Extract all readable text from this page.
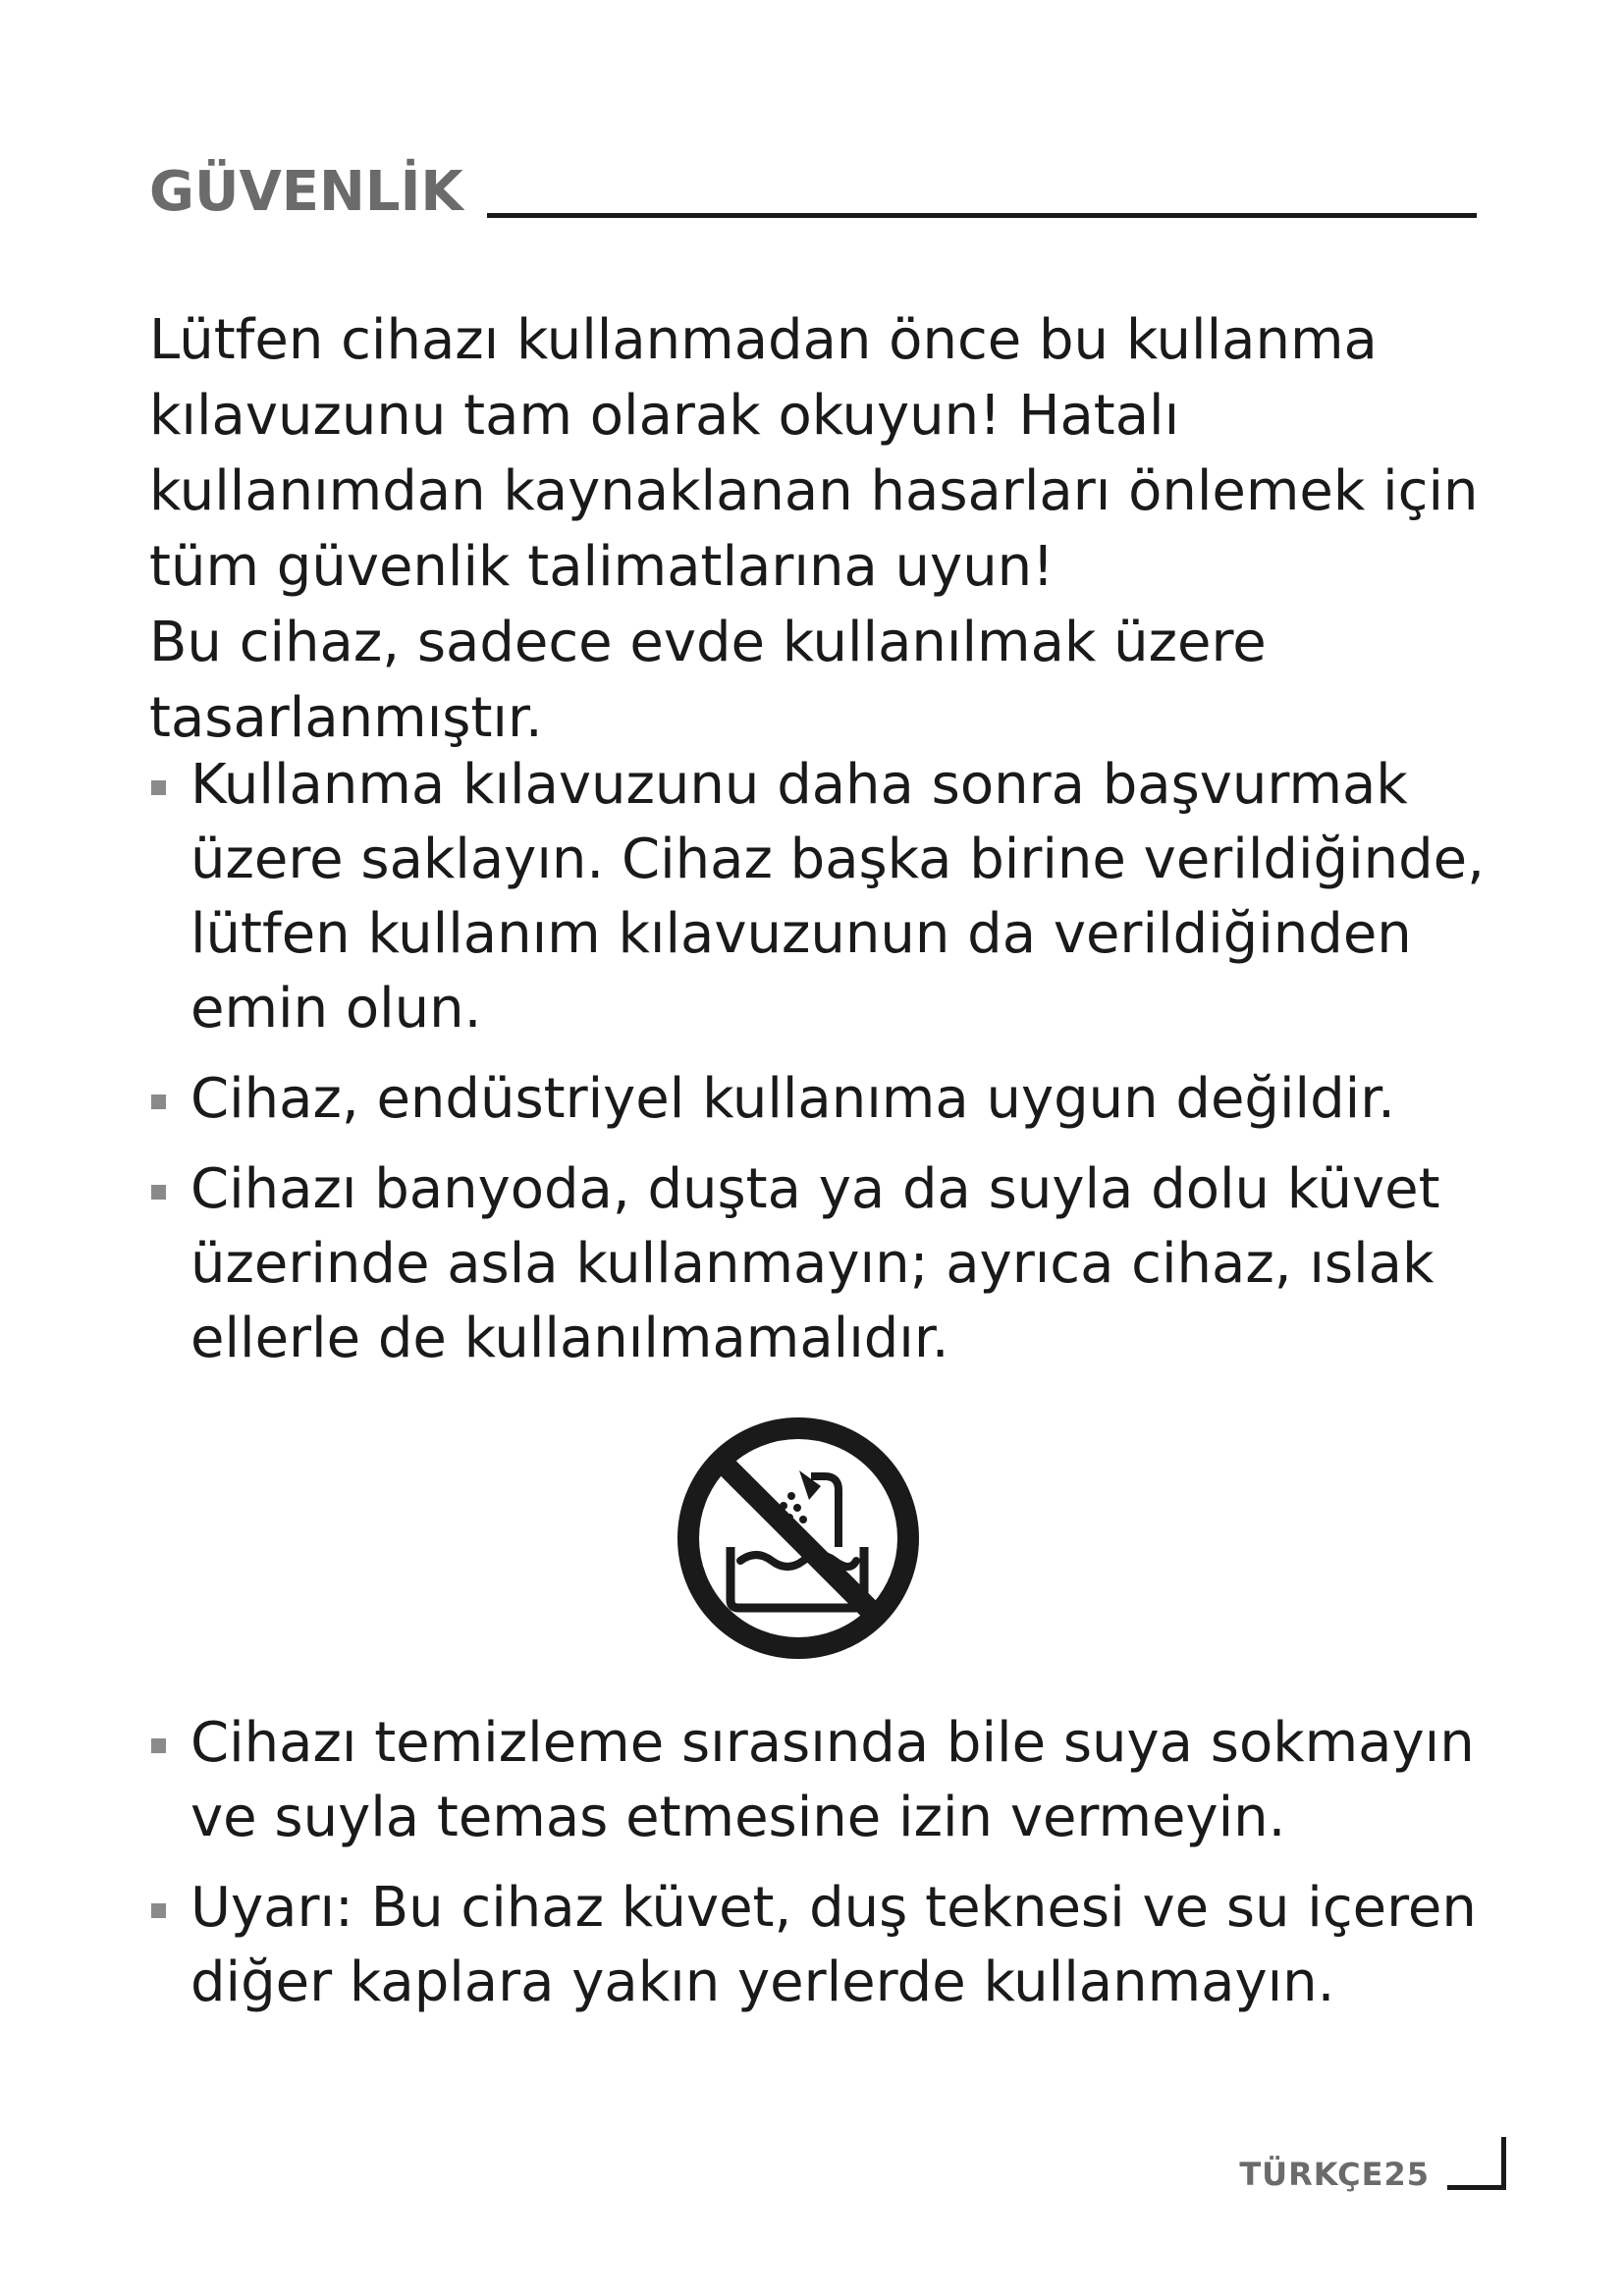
GÜVENLİK

Lütfen cihazı kullanmadan önce bu kullanma kılavuzunu tam olarak okuyun! Hatalı kullanımdan kaynaklanan hasarları önlemek için tüm güvenlik talimatlarına uyun!

Bu cihaz, sadece evde kullanılmak üzere tasarlanmıştır.

Kullanma kılavuzunu daha sonra başvurmak üzere saklayın. Cihaz başka birine verildiğinde, lütfen kullanım kılavuzunun da verildiğinden emin olun.
Cihaz, endüstriyel kullanıma uygun değildir.
Cihazı banyoda, duşta ya da suyla dolu küvet üzerinde asla kullanmayın; ayrıca cihaz, ıslak ellerle de kullanılmamalıdır.
Cihazı temizleme sırasında bile suya sokmayın ve suyla temas etmesine izin vermeyin.
Uyarı: Bu cihaz küvet, duş teknesi ve su içeren diğer kaplara yakın yerlerde kullanmayın.
TÜRKÇE25
